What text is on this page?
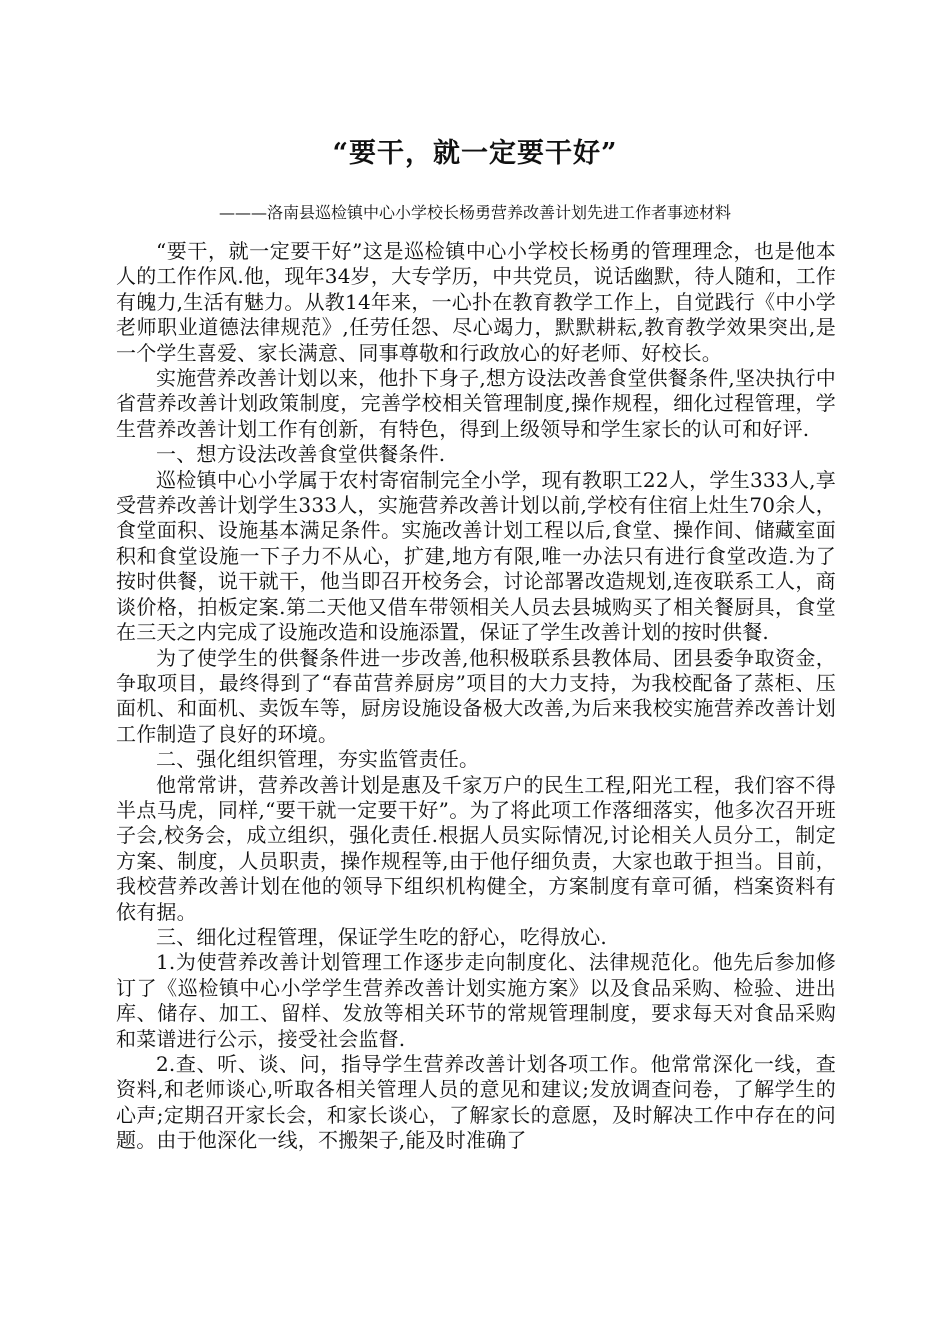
“要干，就一定要干好”

———洛南县巡检镇中心小学校长杨勇营养改善计划先进工作者事迹材料

“要干，就一定要干好”这是巡检镇中心小学校长杨勇的管理理念，也是他本人的工作作风.他，现年34岁，大专学历，中共党员，说话幽默，待人随和，工作有魄力,生活有魅力。从教14年来，一心扑在教育教学工作上，自觉践行《中小学老师职业道德法律规范》,任劳任怨、尽心竭力，默默耕耘,教育教学效果突出,是一个学生喜爱、家长满意、同事尊敬和行政放心的好老师、好校长。

实施营养改善计划以来，他扑下身子,想方设法改善食堂供餐条件,坚决执行中省营养改善计划政策制度，完善学校相关管理制度,操作规程，细化过程管理，学生营养改善计划工作有创新，有特色，得到上级领导和学生家长的认可和好评.

一、想方设法改善食堂供餐条件.

巡检镇中心小学属于农村寄宿制完全小学，现有教职工22人，学生333人,享受营养改善计划学生333人，实施营养改善计划以前,学校有住宿上灶生70余人，食堂面积、设施基本满足条件。实施改善计划工程以后,食堂、操作间、储藏室面积和食堂设施一下子力不从心，扩建,地方有限,唯一办法只有进行食堂改造.为了按时供餐，说干就干，他当即召开校务会，讨论部署改造规划,连夜联系工人，商谈价格，拍板定案.第二天他又借车带领相关人员去县城购买了相关餐厨具，食堂在三天之内完成了设施改造和设施添置，保证了学生改善计划的按时供餐.

为了使学生的供餐条件进一步改善,他积极联系县教体局、团县委争取资金，争取项目，最终得到了“春苗营养厨房”项目的大力支持，为我校配备了蒸柜、压面机、和面机、卖饭车等，厨房设施设备极大改善,为后来我校实施营养改善计划工作制造了良好的环境。

二、强化组织管理，夯实监管责任。

他常常讲，营养改善计划是惠及千家万户的民生工程,阳光工程，我们容不得半点马虎，同样,“要干就一定要干好”。为了将此项工作落细落实，他多次召开班子会,校务会，成立组织，强化责任.根据人员实际情况,讨论相关人员分工，制定方案、制度，人员职责，操作规程等,由于他仔细负责，大家也敢于担当。目前，我校营养改善计划在他的领导下组织机构健全，方案制度有章可循，档案资料有依有据。

三、细化过程管理，保证学生吃的舒心，吃得放心.

1.为使营养改善计划管理工作逐步走向制度化、法律规范化。他先后参加修订了《巡检镇中心小学学生营养改善计划实施方案》以及食品采购、检验、进出库、储存、加工、留样、发放等相关环节的常规管理制度，要求每天对食品采购和菜谱进行公示，接受社会监督.

2.查、听、谈、问，指导学生营养改善计划各项工作。他常常深化一线，查资料,和老师谈心,听取各相关管理人员的意见和建议;发放调查问卷，了解学生的心声;定期召开家长会，和家长谈心，了解家长的意愿，及时解决工作中存在的问题。由于他深化一线，不搬架子,能及时准确了
